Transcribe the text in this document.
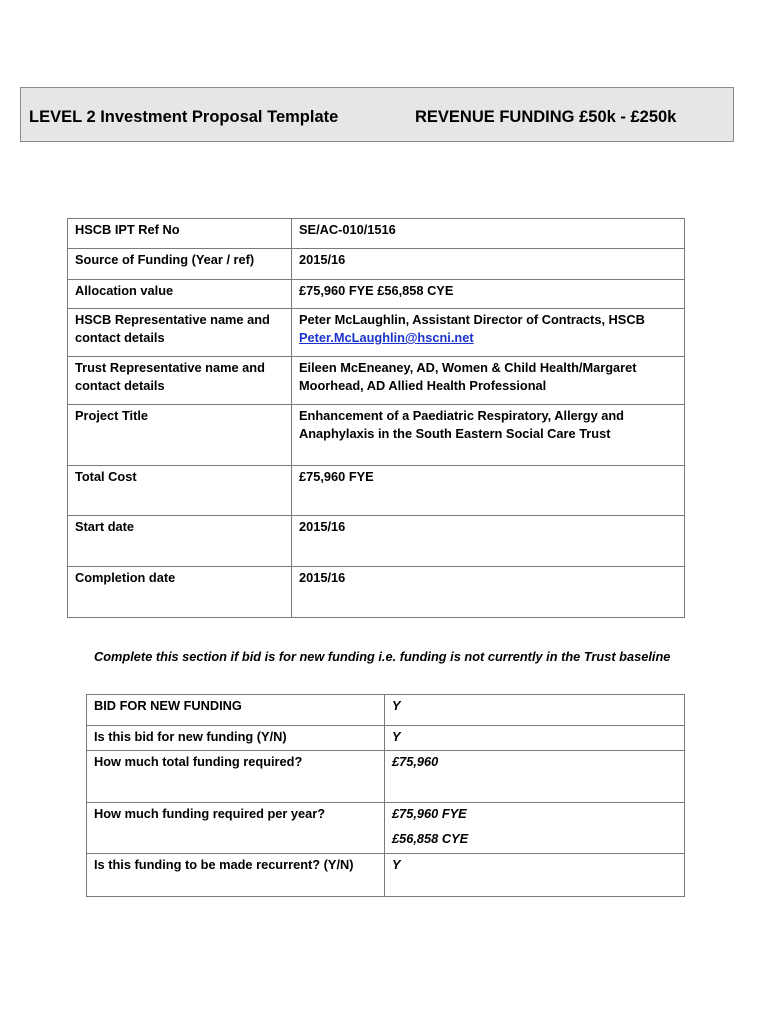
LEVEL 2 Investment Proposal Template	REVENUE FUNDING £50k - £250k
HSCB IPT Ref No	SE/AC-010/1516
Source of Funding (Year / ref)	2015/16
Allocation value	£75,960 FYE £56,858 CYE
HSCB Representative name and contact details	Peter McLaughlin, Assistant Director of Contracts, HSCB Peter.McLaughlin@hscni.net
Trust Representative name and contact details	Eileen McEneaney, AD, Women & Child Health/Margaret Moorhead, AD Allied Health Professional
Project Title	Enhancement of a Paediatric Respiratory, Allergy and Anaphylaxis in the South Eastern Social Care Trust
Total Cost	£75,960 FYE
Start date	2015/16
Completion date	2015/16
Complete this section if bid is for new funding i.e. funding is not currently in the Trust baseline
BID FOR NEW FUNDING	Y
Is this bid for new funding (Y/N)	Y
How much total funding required?	£75,960
How much funding required per year?	£75,960 FYE
£56,858 CYE

Is this funding to be made recurrent? (Y/N)	Y
